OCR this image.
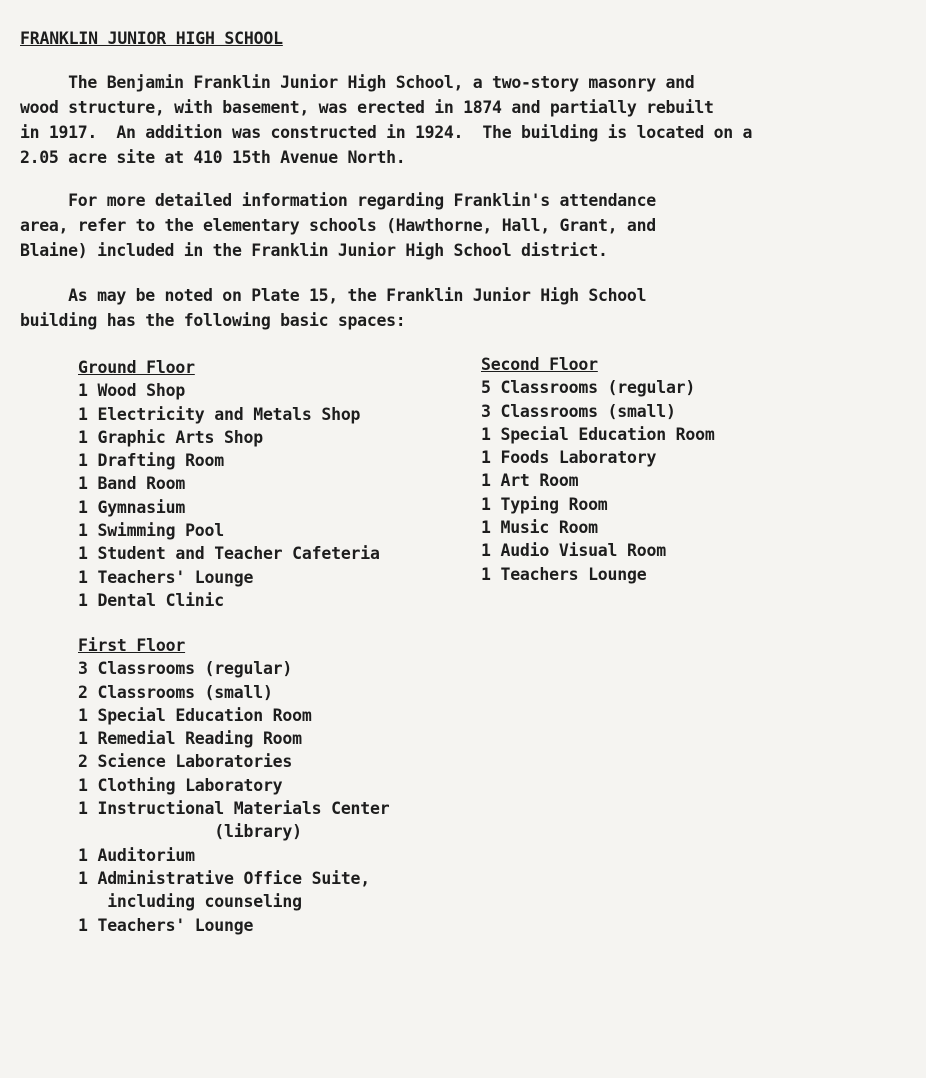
FRANKLIN JUNIOR HIGH SCHOOL
The Benjamin Franklin Junior High School, a two-story masonry and
wood structure, with basement, was erected in 1874 and partially rebuilt
in 1917.  An addition was constructed in 1924.  The building is located on a
2.05 acre site at 410 15th Avenue North.
For more detailed information regarding Franklin's attendance
area, refer to the elementary schools (Hawthorne, Hall, Grant, and
Blaine) included in the Franklin Junior High School district.
As may be noted on Plate 15, the Franklin Junior High School
building has the following basic spaces:
Ground Floor
1 Wood Shop
1 Electricity and Metals Shop
1 Graphic Arts Shop
1 Drafting Room
1 Band Room
1 Gymnasium
1 Swimming Pool
1 Student and Teacher Cafeteria
1 Teachers' Lounge
1 Dental Clinic
Second Floor
5 Classrooms (regular)
3 Classrooms (small)
1 Special Education Room
1 Foods Laboratory
1 Art Room
1 Typing Room
1 Music Room
1 Audio Visual Room
1 Teachers Lounge
First Floor
3 Classrooms (regular)
2 Classrooms (small)
1 Special Education Room
1 Remedial Reading Room
2 Science Laboratories
1 Clothing Laboratory
1 Instructional Materials Center
(library)
1 Auditorium
1 Administrative Office Suite,
including counseling
1 Teachers' Lounge
